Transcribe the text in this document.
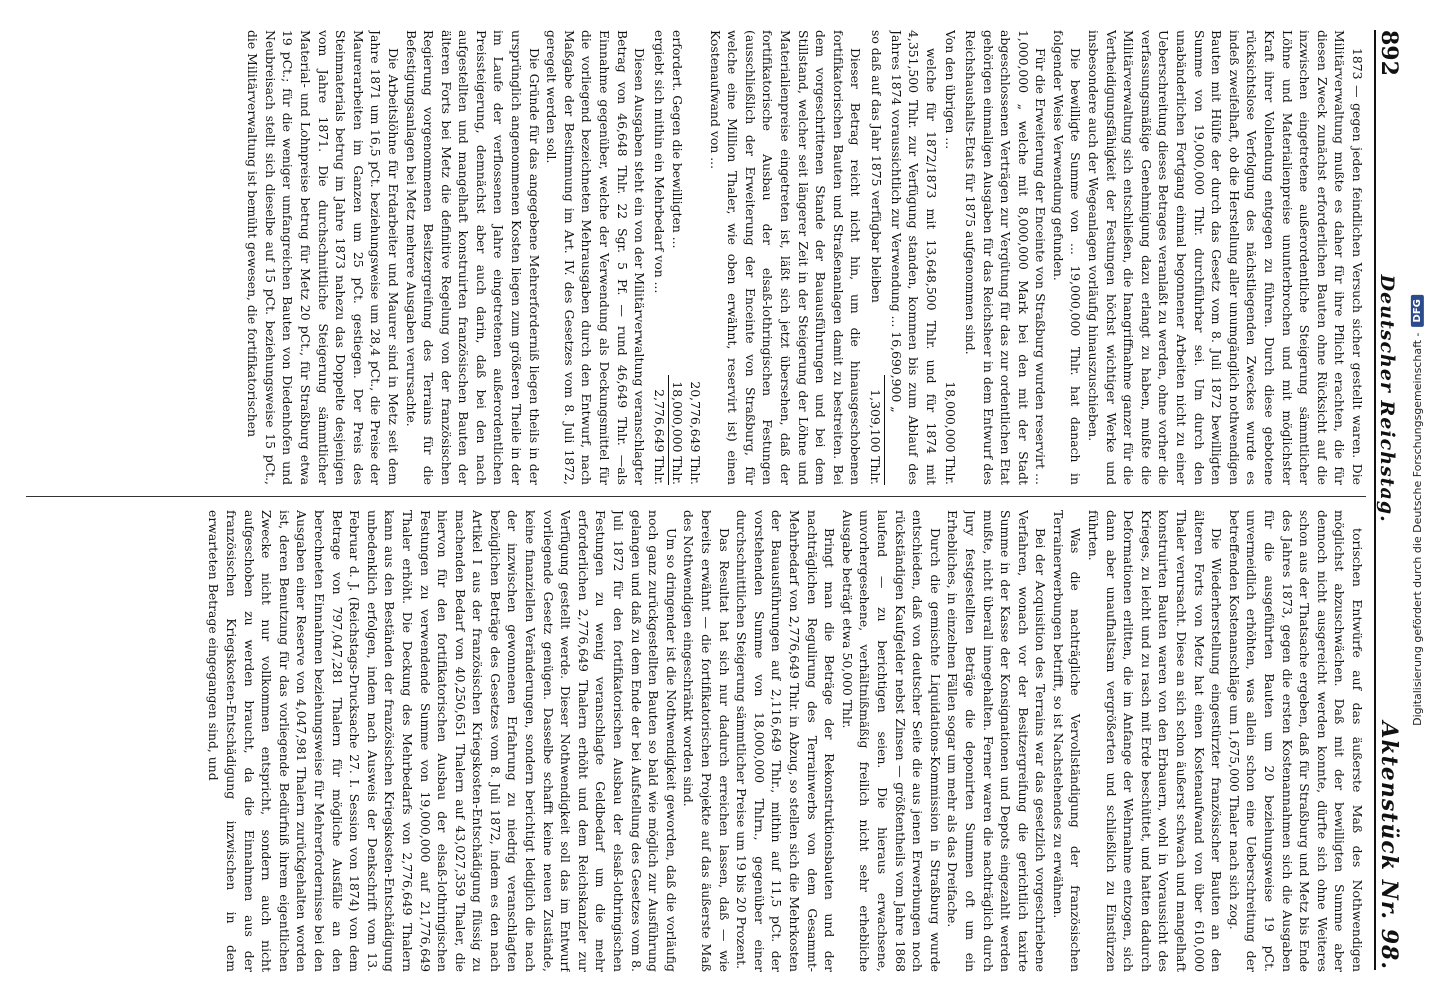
892
Deutscher Reichstag.
Aktenstück Nr. 98.

1873 — gegen jeden feindlichen Versuch sicher gestellt waren. Die Militärverwaltung mußte es daher für ihre Pflicht erachten, die für diesen Zweck zunächst erforderlichen Bauten ohne Rücksicht auf die inzwischen eingetretene außerordentliche Steigerung sämmtlicher Löhne und Materialienpreise ununterbrochen und mit möglichster Kraft ihrer Vollendung entgegen zu führen. Durch diese gebotene rücksichtslose Verfolgung des nächstliegenden Zweckes wurde es indeß zweifelhaft, ob die Herstellung aller unumgänglich nothwendigen Bauten mit Hülfe der durch das Gesetz vom 8. Juli 1872 bewilligten Summe von 19,000,000 Thlr. durchführbar sei. Um durch den unabänderlichen Fortgang einmal begonnener Arbeiten nicht zu einer Ueberschreitung dieses Betrages veranlaßt zu werden, ohne vorher die verfassungsmäßige Genehmigung dazu erlangt zu haben, mußte die Militärverwaltung sich entschließen, die Inangriffnahme ganzer für die Vertheidigungsfähigkeit der Festungen höchst wichtiger Werke und insbesondere auch der Wegeanlagen vorläufig hinauszuschieben.

Die bewilligte Summe von ... 19,000,000 Thlr. hat danach in folgender Weise Verwendung gefunden.

Für die Erweiterung der Enceinte von Straßburg wurden reservirt ... 1,000,000 „ welche mit 8,000,000 Mark bei den mit der Stadt abgeschlossenen Verträgen zur Vergütung für das zur ordentlichen Etat gehörigen einmaligen Ausgaben für das Reichsheer in dem Entwurf des Reichshaushalts-Etats für 1875 aufgenommen sind.

Von den übrigen ...
18,000,000 Thlr.

welche für 1872/1873 mit 13,648,500 Thlr. und für 1874 mit 4,351,500 Thlr. zur Verfügung standen, kommen bis zum Ablauf des Jahres 1874 voraussichtlich zur Verwendung ... 16,690,900 „

so daß auf das Jahr 1875 verfügbar bleiben
1,309,100 Thlr.

Dieser Betrag reicht nicht hin, um die hinausgeschobenen fortifikatorischen Bauten und Straßenanlagen damit zu bestreiten. Bei dem vorgeschrittenen Stande der Bauausführungen und bei dem Stillstand, welcher seit längerer Zeit in der Steigerung der Löhne und Materialienpreise eingetreten ist, läßt sich jetzt übersehen, daß der fortifikatorische Ausbau der elsaß-lothringischen Festungen (ausschließlich der Erweiterung der Enceinte von Straßburg, für welche eine Million Thaler, wie oben erwähnt, reservirt ist) einen Kostenaufwand von ...

20,776,649 Thlr.
erfordert. Gegen die bewilligten ...
18,000,000 Thlr.
ergiebt sich mithin ein Mehrbedarf von ...
2,776,649 Thlr.

Diesen Ausgaben steht ein von der Militärverwaltung veranschlagter Betrag von 46,648 Thlr. 22 Sgr. 5 Pf. — rund 46,649 Thlr. —als Einnahme gegenüber, welche der Verwendung als Deckungsmittel für die vorliegend bezeichneten Mehrausgaben durch den Entwurf, nach Maßgabe der Bestimmung im Art. IV. des Gesetzes vom 8. Juli 1872, geregelt werden soll.

Die Gründe für das angegebene Mehrerforderniß liegen theils in der ursprünglich angenommenen Kosten liegen zum größeren Theile in der im Laufe der verflossenen Jahre eingetretenen außerordentlichen Preissteigerung, demnächst aber auch darin, daß bei den nach aufgestellten und mangelhaft konstruirten französischen Bauten der älteren Forts bei Metz die definitive Regelung von der französischen Regierung vorgenommenen Besitzergreifung des Terrains für die Befestigungsanlagen bei Metz mehrere Ausgaben verursachte.

Die Arbeitslöhne für Erdarbeiter und Maurer sind in Metz seit dem Jahre 1871 um 16,5 pCt. beziehungsweise um 28,4 pCt., die Preise der Maurerarbeiten im Ganzen um 25 pCt. gestiegen. Der Preis des Steinmaterials betrug im Jahre 1873 nahezu das Doppelte desjenigen vom Jahre 1871. Die durchschnittliche Steigerung sämmtlicher Material- und Lohnpreise betrug für Metz 20 pCt., für Straßburg etwa 19 pCt.; für die weniger umfangreichen Bauten von Diedenhofen und Neubreisach stellt sich dieselbe auf 15 pCt. beziehungsweise 15 pCt., die Militärverwaltung ist bemüht gewesen, die fortifikatorischen

torischen Entwürfe auf das äußerste Maß des Nothwendigen möglichst abzuschwächen. Daß mit der bewilligten Summe aber dennoch nicht ausgereicht werden konnte, dürfte sich ohne Weiteres schon aus der Thatsache ergeben, daß für Straßburg und Metz bis Ende des Jahres 1873, gegen die ersten Kostenannahmen sich die Ausgaben für die ausgeführten Bauten um 20 beziehungsweise 19 pCt. unvermeidlich erhöhten, was allein schon eine Ueberschreitung der betreffenden Kostenanschläge um 1,675,000 Thaler nach sich zog.

Die Wiederherstellung eingestürzter französischer Bauten an den älteren Forts von Metz hat einen Kostenaufwand von über 610,000 Thaler verursacht. Diese an sich schon äußerst schwach und mangelhaft konstruirten Bauten waren von den Erbauern, wohl in Voraussicht des Krieges, zu leicht und zu rasch mit Erde beschüttet, und hatten dadurch Deformationen erlitten, die im Anfange der Wehrnahme entzogen, sich dann aber unaufhaltsam vergrößerten und schließlich zu Einstürzen führten.

Was die nachträgliche Vervollständigung der französischen Terrainerwerbungen betrifft, so ist Nachstehendes zu erwähnen.

Bei der Acquisition des Terrains war das gesetzlich vorgeschriebene Verfahren, wonach vor der Besitzergreifung die gerichtlich taxirte Summe in der Kasse der Konsignationen und Depots eingezahlt werden mußte, nicht überall innegehalten. Ferner waren die nachträglich durch Jury festgestellten Beträge die deponirten Summen oft um ein Erhebliches, in einzelnen Fällen sogar um mehr als das Dreifache.

Durch die gemischte Liquidations-Kommission in Straßburg wurde entschieden, daß von deutscher Seite die aus jenen Erwerbungen noch rückständigen Kaufgelder nebst Zinsen — größtentheils vom Jahre 1868 laufend — zu berichtigen seien. Die hieraus erwachsene, unvorhergesehene, verhältnißmäßig freilich nicht sehr erhebliche Ausgabe beträgt etwa 50,000 Thlr.

Bringt man die Beträge der Rekonstruktionsbauten und der nachträglichen Regulirung des Terrainwerbs von dem Gesammt-Mehrbedarf von 2,776,649 Thlr. in Abzug, so stellen sich die Mehrkosten der Bauausführungen auf 2,116,649 Thlr., mithin auf 11,5 pCt. der vorstehenden Summe von 18,000,000 Thlrn., gegenüber einer durchschnittlichen Steigerung sämmtlicher Preise um 19 bis 20 Prozent.

Das Resultat hat sich nur dadurch erreichen lassen, daß — wie bereits erwähnt — die fortifikatorischen Projekte auf das äußerste Maß des Nothwendigen eingeschränkt worden sind.

Um so dringender ist die Nothwendigkeit geworden, daß die vorläufig noch ganz zurückgestellten Bauten so bald wie möglich zur Ausführung gelangen und daß zu dem Ende der bei Aufstellung des Gesetzes vom 8. Juli 1872 für den fortifikatorischen Ausbau der elsaß-lothringischen Festungen zu wenig veranschlagte Geldbedarf um die mehr erforderlichen 2,776,649 Thalern erhöht und dem Reichskanzler zur Verfügung gestellt werde. Dieser Nothwendigkeit soll das im Entwurf vorliegende Gesetz genügen. Dasselbe schafft keine neuen Zustände, keine finanziellen Veränderungen, sondern berichtigt lediglich die nach der inzwischen gewonnenen Erfahrung zu niedrig veranschlagten bezüglichen Beträge des Gesetzes vom 8. Juli 1872, indem es den nach Artikel I aus der französischen Kriegskosten-Entschädigung flüssig zu machenden Bedarf von 40,250,651 Thalern auf 43,027,359 Thaler, die hiervon für den fortifikatorischen Ausbau der elsaß-lothringischen Festungen zu verwendende Summe von 19,000,000 auf 21,776,649 Thaler erhöht. Die Deckung des Mehrbedarfs von 2,776,649 Thalern kann aus den Beständen der französischen Kriegskosten-Entschädigung unbedenklich erfolgen, indem nach Ausweis der Denkschrift vom 13. Februar d. J. (Reichstags-Drucksache 27. I. Session von 1874) von dem Betrage von 797,047,281 Thalern für mögliche Ausfälle an den berechneten Einnahmen beziehungsweise für Mehrerfordernisse bei den Ausgaben einer Reserve von 4,047,981 Thalern zurückgehalten worden ist, deren Benutzung für das vorliegende Bedürfniß ihrem eigentlichen Zwecke nicht nur vollkommen entspricht, sondern auch nicht aufgeschoben zu werden braucht, da die Einnahmen aus der französischen Kriegskosten-Entschädigung inzwischen in dem erwarteten Betrage eingegangen sind, und	Digitalisierung gefördert durch die Deutsche Forschungsgemeinschaft -
DFG
